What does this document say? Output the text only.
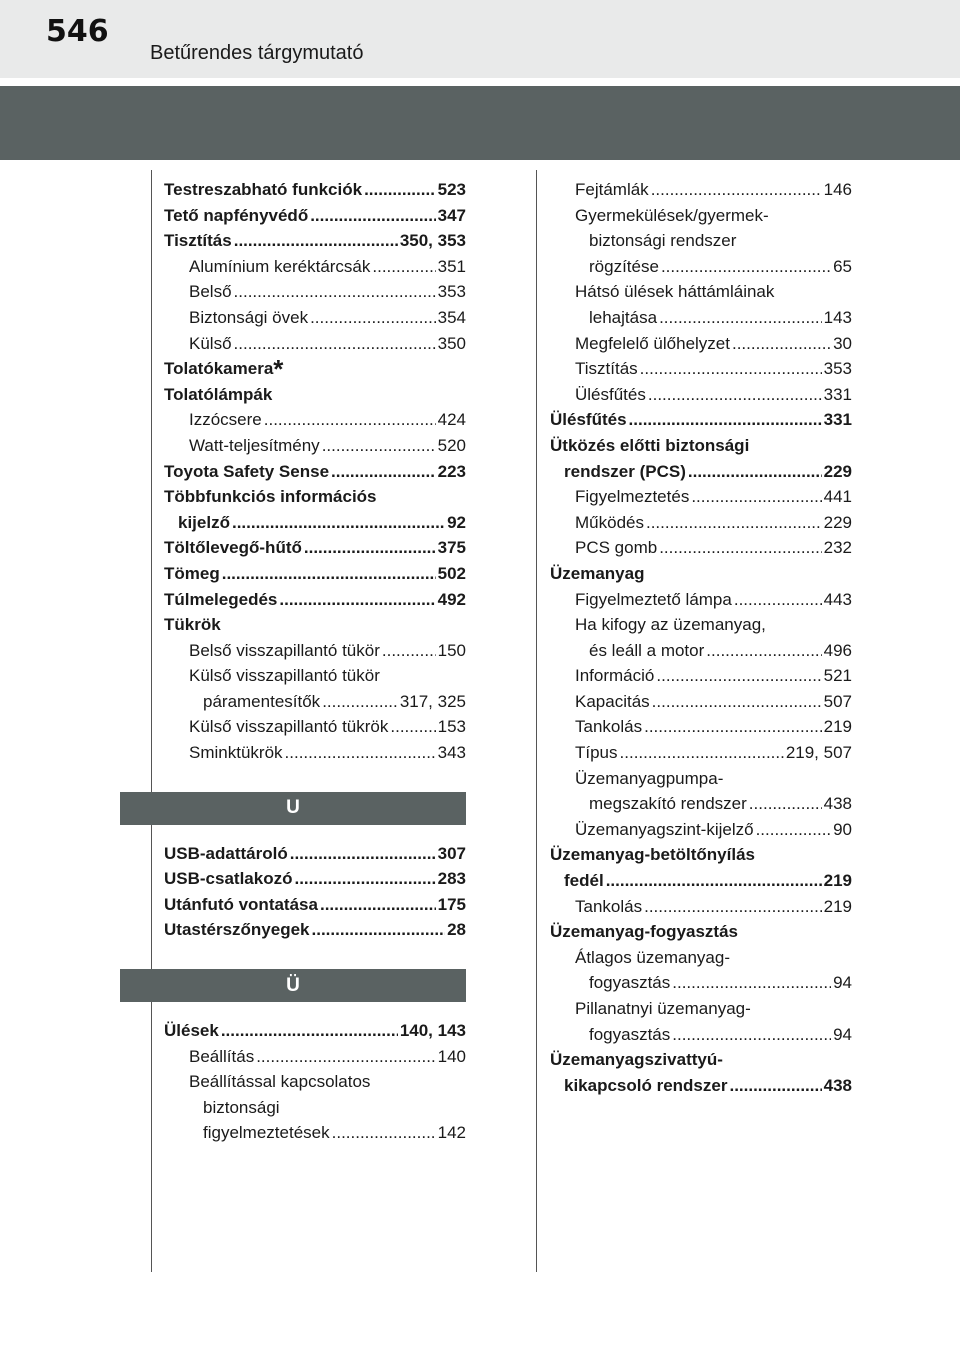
546
Betűrendes tárgymutató
Testreszabható funkciók .....	523
Tető napfényvédő .....	347
Tisztítás .....	350, 353
Alumínium keréktárcsák .....	351
Belső .....	353
Biztonsági övek .....	354
Külső .....	350
Tolatókamera*
Tolatólámpák
Izzócsere .....	424
Watt-teljesítmény .....	520
Toyota Safety Sense .....	223
Többfunkciós információs
kijelző .....	92
Töltőlevegő-hűtő .....	375
Tömeg .....	502
Túlmelegedés .....	492
Tükrök
Belső visszapillantó tükör .....	150
Külső visszapillantó tükör
páramentesítők .....	317, 325
Külső visszapillantó tükrök .....	153
Sminktükrök .....	343
U
USB-adattároló .....	307
USB-csatlakozó .....	283
Utánfutó vontatása .....	175
Utastérszőnyegek .....	28
Ü
Ülések .....	140, 143
Beállítás .....	140
Beállítással kapcsolatos
biztonsági
figyelmeztetések .....	142
Fejtámlák .....	146
Gyermekülések/gyermek-
biztonsági rendszer
rögzítése .....	65
Hátsó ülések háttámláinak
lehajtása .....	143
Megfelelő ülőhelyzet .....	30
Tisztítás .....	353
Ülésfűtés .....	331
Ülésfűtés .....	331
Ütközés előtti biztonsági
rendszer (PCS) .....	229
Figyelmeztetés .....	441
Működés .....	229
PCS gomb .....	232
Üzemanyag
Figyelmeztető lámpa .....	443
Ha kifogy az üzemanyag,
és leáll a motor .....	496
Információ .....	521
Kapacitás .....	507
Tankolás .....	219
Típus .....	219, 507
Üzemanyagpumpa-
megszakító rendszer .....	438
Üzemanyagszint-kijelző .....	90
Üzemanyag-betöltőnyílás
fedél .....	219
Tankolás .....	219
Üzemanyag-fogyasztás
Átlagos üzemanyag-
fogyasztás .....	94
Pillanatnyi üzemanyag-
fogyasztás .....	94
Üzemanyagszivattyú-
kikapcsoló rendszer .....	438
